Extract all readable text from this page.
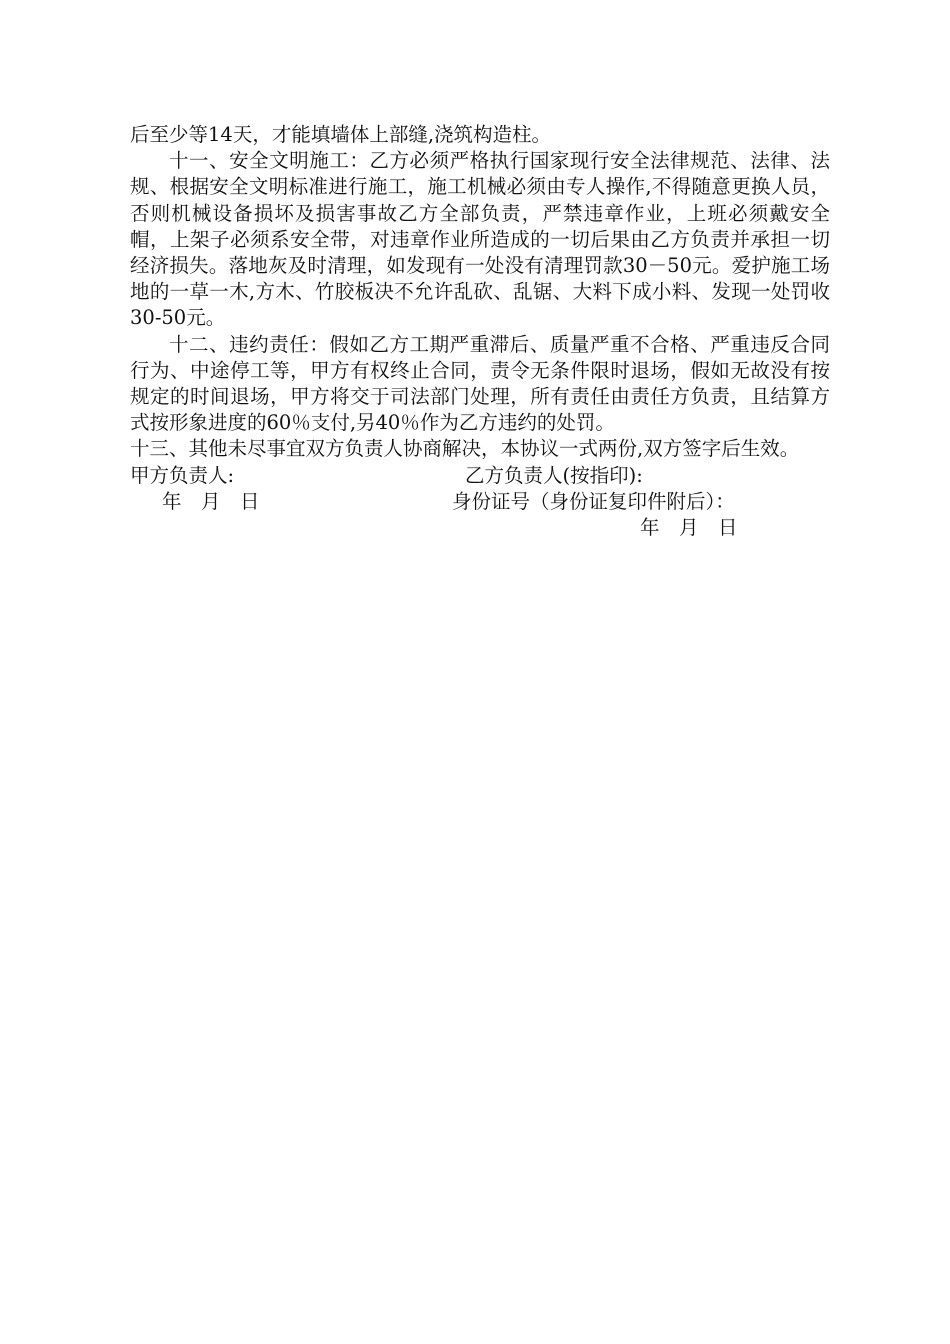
后至少等14天，才能填墙体上部缝,浇筑构造柱。

十一、安全文明施工：乙方必须严格执行国家现行安全法律规范、法律、法规、根据安全文明标准进行施工，施工机械必须由专人操作,不得随意更换人员，否则机械设备损坏及损害事故乙方全部负责，严禁违章作业，上班必须戴安全帽，上架子必须系安全带，对违章作业所造成的一切后果由乙方负责并承担一切经济损失。落地灰及时清理，如发现有一处没有清理罚款30－50元。爱护施工场地的一草一木,方木、竹胶板决不允许乱砍、乱锯、大料下成小料、发现一处罚收30-50元。

十二、违约责任：假如乙方工期严重滞后、质量严重不合格、严重违反合同行为、中途停工等，甲方有权终止合同，责令无条件限时退场，假如无故没有按规定的时间退场，甲方将交于司法部门处理，所有责任由责任方负责，且结算方式按形象进度的60％支付,另40％作为乙方违约的处罚。

十三、其他未尽事宜双方负责人协商解决，本协议一式两份,双方签字后生效。

甲方负责人:	乙方负责人(按指印):
年　月　日	身份证号（身份证复印件附后）：
年　月　日
